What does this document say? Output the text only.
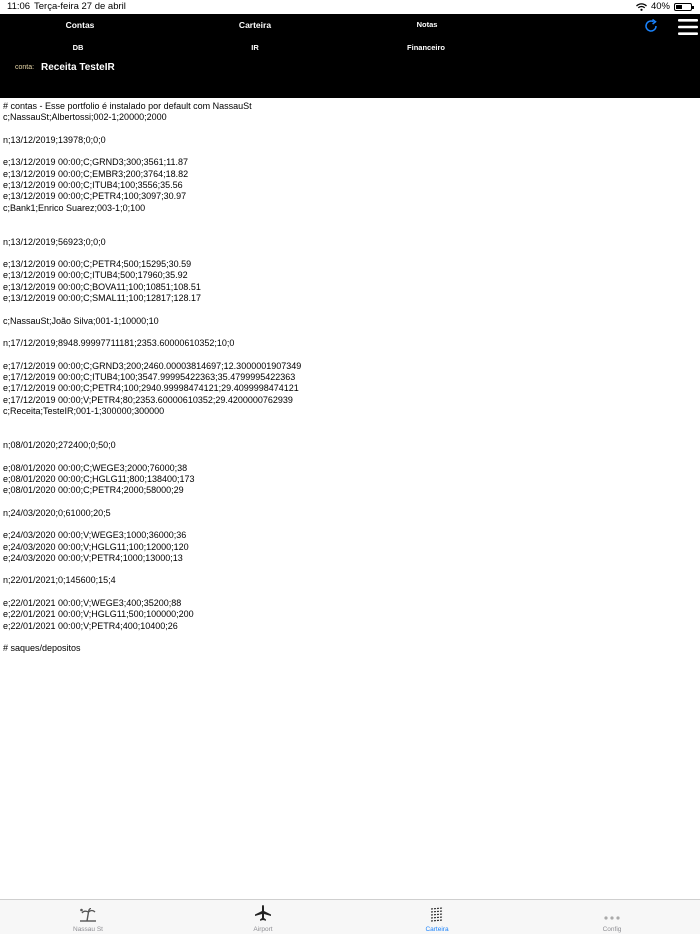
11:06 Terça-feira 27 de abril	40%
Contas	Carteira	Notas
DB	IR	Financeiro
conta: Receita TesteIR
# contas - Esse portfolio é instalado por default com NassauSt
c;NassauSt;Albertossi;002-1;20000;2000
n;13/12/2019;13978;0;0;0
e;13/12/2019 00:00;C;GRND3;300;3561;11.87
e;13/12/2019 00:00;C;EMBR3;200;3764;18.82
e;13/12/2019 00:00;C;ITUB4;100;3556;35.56
e;13/12/2019 00:00;C;PETR4;100;3097;30.97
c;Bank1;Enrico Suarez;003-1;0;100
n;13/12/2019;56923;0;0;0
e;13/12/2019 00:00;C;PETR4;500;15295;30.59
e;13/12/2019 00:00;C;ITUB4;500;17960;35.92
e;13/12/2019 00:00;C;BOVA11;100;10851;108.51
e;13/12/2019 00:00;C;SMAL11;100;12817;128.17
c;NassauSt;João Silva;001-1;10000;10
n;17/12/2019;8948.99997711181;2353.60000610352;10;0
e;17/12/2019 00:00;C;GRND3;200;2460.00003814697;12.3000001907349
e;17/12/2019 00:00;C;ITUB4;100;3547.99995422363;35.4799995422363
e;17/12/2019 00:00;C;PETR4;100;2940.99998474121;29.4099998474121
e;17/12/2019 00:00;V;PETR4;80;2353.60000610352;29.4200000762939
c;Receita;TesteIR;001-1;300000;300000
n;08/01/2020;272400;0;50;0
e;08/01/2020 00:00;C;WEGE3;2000;76000;38
e;08/01/2020 00:00;C;HGLG11;800;138400;173
e;08/01/2020 00:00;C;PETR4;2000;58000;29
n;24/03/2020;0;61000;20;5
e;24/03/2020 00:00;V;WEGE3;1000;36000;36
e;24/03/2020 00:00;V;HGLG11;100;12000;120
e;24/03/2020 00:00;V;PETR4;1000;13000;13
n;22/01/2021;0;145600;15;4
e;22/01/2021 00:00;V;WEGE3;400;35200;88
e;22/01/2021 00:00;V;HGLG11;500;100000;200
e;22/01/2021 00:00;V;PETR4;400;10400;26
# saques/depositos
Nassau St	Airport	Carteira	Config
